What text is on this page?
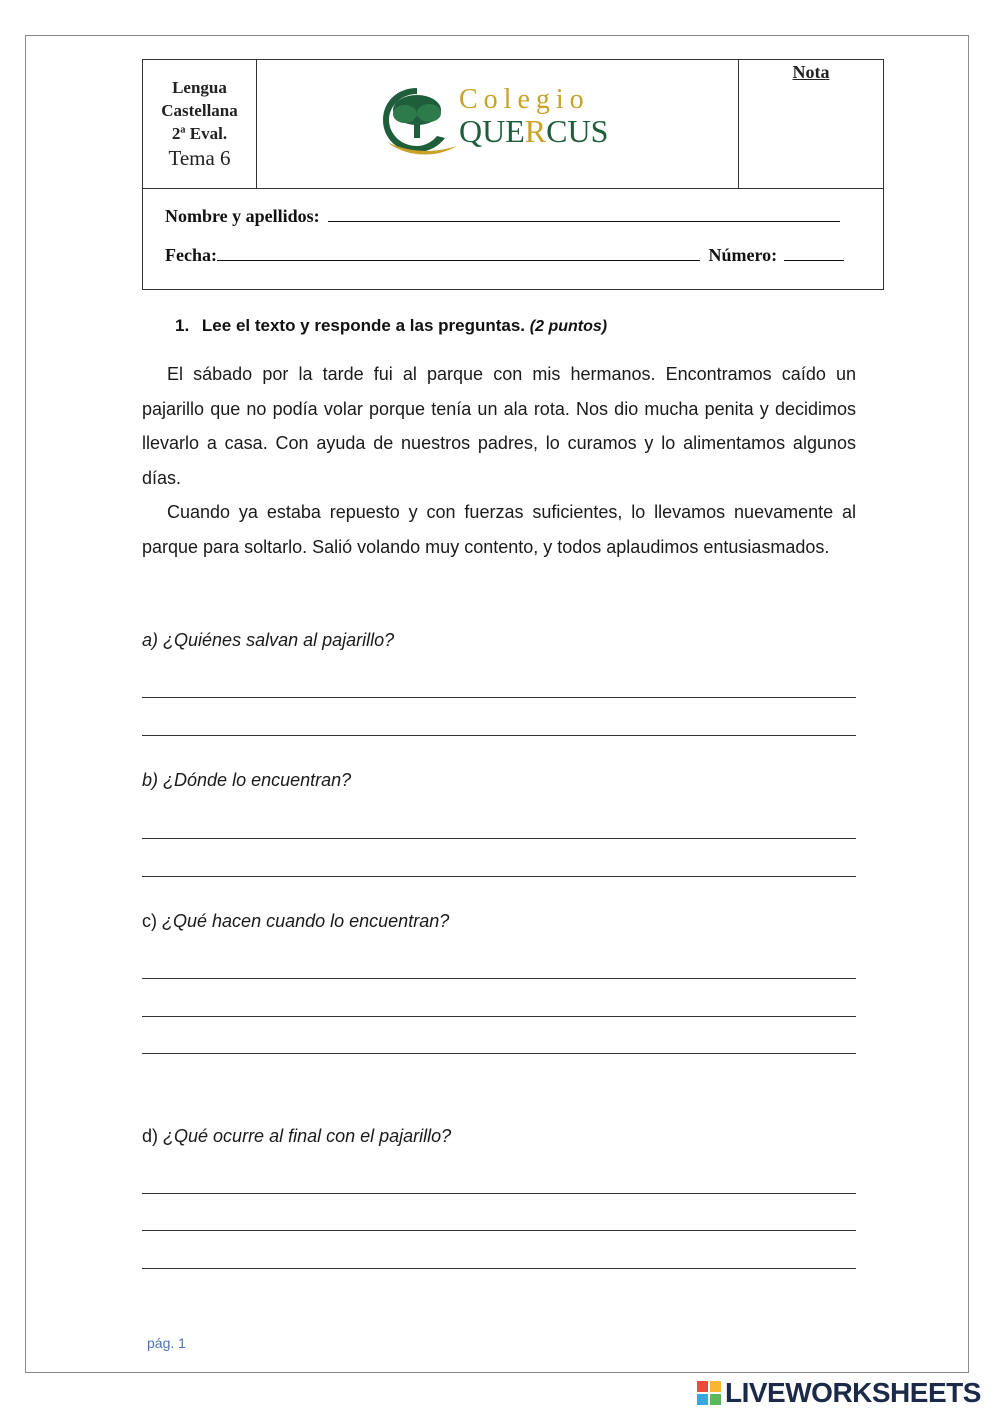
Lengua
Castellana
2ª Eval.
Tema 6
Colegio
QUERCUS
Nota
Nombre y apellidos:
Fecha:	Número:
1. Lee el texto y responde a las preguntas. (2 puntos)

El sábado por la tarde fui al parque con mis hermanos. Encontramos caído un pajarillo que no podía volar porque tenía un ala rota. Nos dio mucha penita y decidimos llevarlo a casa. Con ayuda de nuestros padres, lo curamos y lo alimentamos algunos días.

Cuando ya estaba repuesto y con fuerzas suficientes, lo llevamos nuevamente al parque para soltarlo. Salió volando muy contento, y todos aplaudimos entusiasmados.

a) ¿Quiénes salvan al pajarillo?
b) ¿Dónde lo encuentran?
c) ¿Qué hacen cuando lo encuentran?
d) ¿Qué ocurre al final con el pajarillo?
pág. 1
LIVEWORKSHEETS
